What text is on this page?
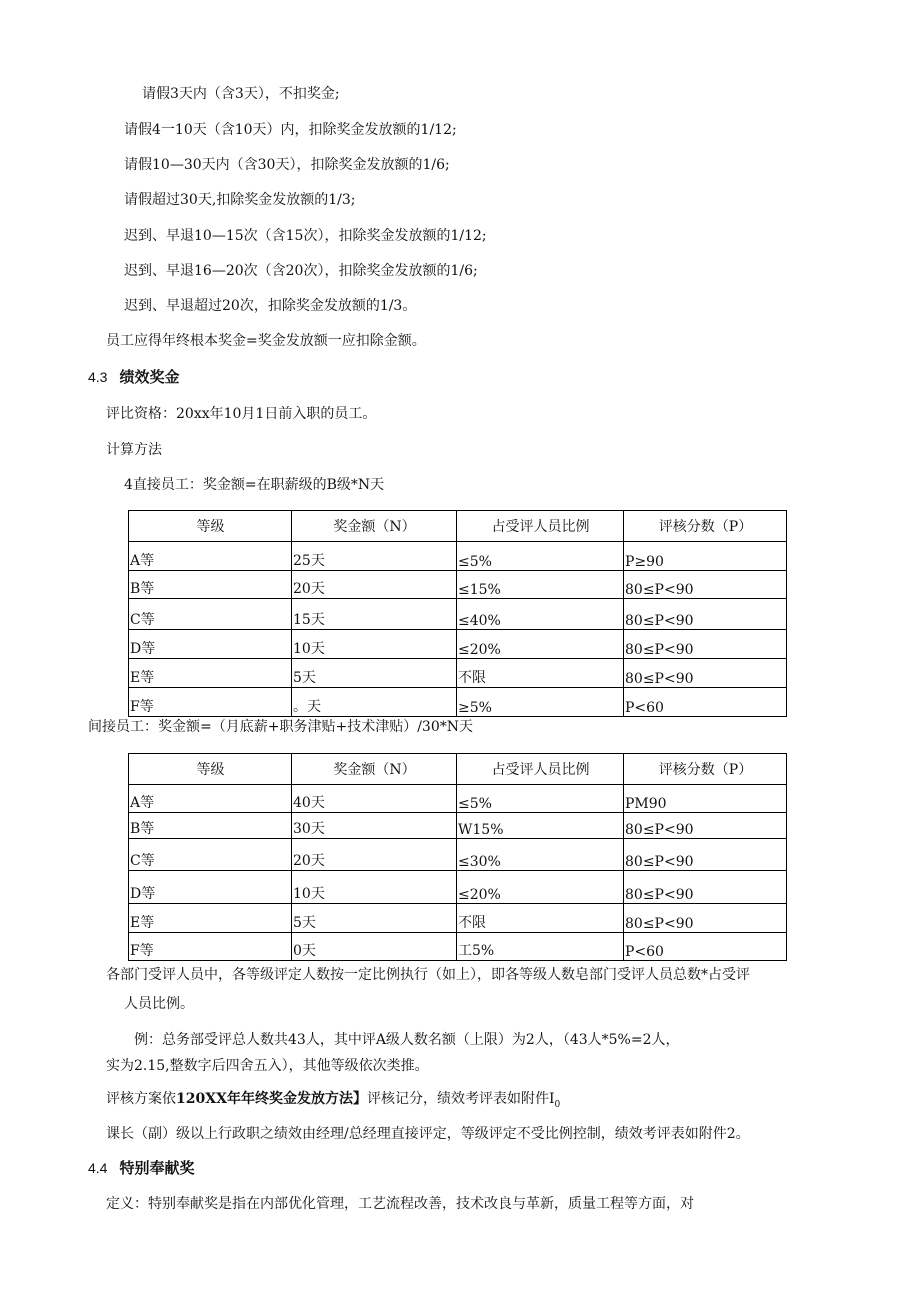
请假3天内（含3天），不扣奖金;
请假4一10天（含10天）内，扣除奖金发放额的1/12;
请假10—30天内（含30天），扣除奖金发放额的1/6;
请假超过30天,扣除奖金发放额的1/3;
迟到、早退10—15次（含15次），扣除奖金发放额的1/12;
迟到、早退16—20次（含20次），扣除奖金发放额的1/6;
迟到、早退超过20次，扣除奖金发放额的1/3。
员工应得年终根本奖金=奖金发放额一应扣除金额。
4.3 绩效奖金
评比资格：20xx年10月1日前入职的员工。
计算方法
4直接员工：奖金额=在职薪级的B级*N天
等级	奖金额（N）	占受评人员比例	评核分数（P）
A等	25天	≤5%	P≥90
B等	20天	≤15%	80≤P<90
C等	15天	≤40%	80≤P<90
D等	10天	≤20%	80≤P<90
E等	5天	不限	80≤P<90
F等	。天	≥5%	P<60
间接员工：奖金额=（月底薪+职务津贴+技术津贴）/30*N天
等级	奖金额（N）	占受评人员比例	评核分数（P）
A等	40天	≤5%	PM90
B等	30天	W15%	80≤P<90
C等	20天	≤30%	80≤P<90
D等	10天	≤20%	80≤P<90
E等	5天	不限	80≤P<90
F等	0天	工5%	P<60
各部门受评人员中，各等级评定人数按一定比例执行（如上），即各等级人数皂部门受评人员总数*占受评
人员比例。
例：总务部受评总人数共43人，其中评A级人数名额（上限）为2人，（43人*5%=2人，
实为2.15,整数字后四舍五入），其他等级依次类推。
评核方案依120XX年年终奖金发放方法】评核记分，绩效考评表如附件$I_0$
课长（副）级以上行政职之绩效由经理/总经理直接评定，等级评定不受比例控制，绩效考评表如附件2。
4.4 特别奉献奖
定义：特别奉献奖是指在内部优化管理，工艺流程改善，技术改良与革新，质量工程等方面，对
